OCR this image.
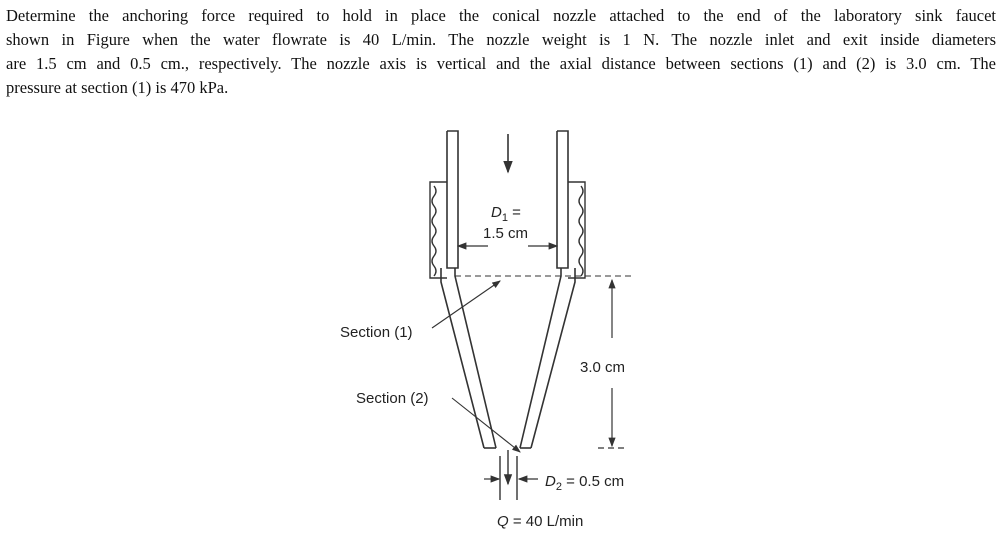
Determine the anchoring force required to hold in place the conical nozzle attached to the end of the laboratory sink faucet
shown in Figure when the water flowrate is 40 L/min. The nozzle weight is 1 N. The nozzle inlet and exit inside diameters
are 1.5 cm and 0.5 cm., respectively. The nozzle axis is vertical and the axial distance between sections (1) and (2) is 3.0 cm. The
pressure at section (1) is 470 kPa.
$D_1$ =
1.5 cm
Section (1)
Section (2)
3.0 cm
$D_2 = 0.5$ cm
Q = 40 L/min
